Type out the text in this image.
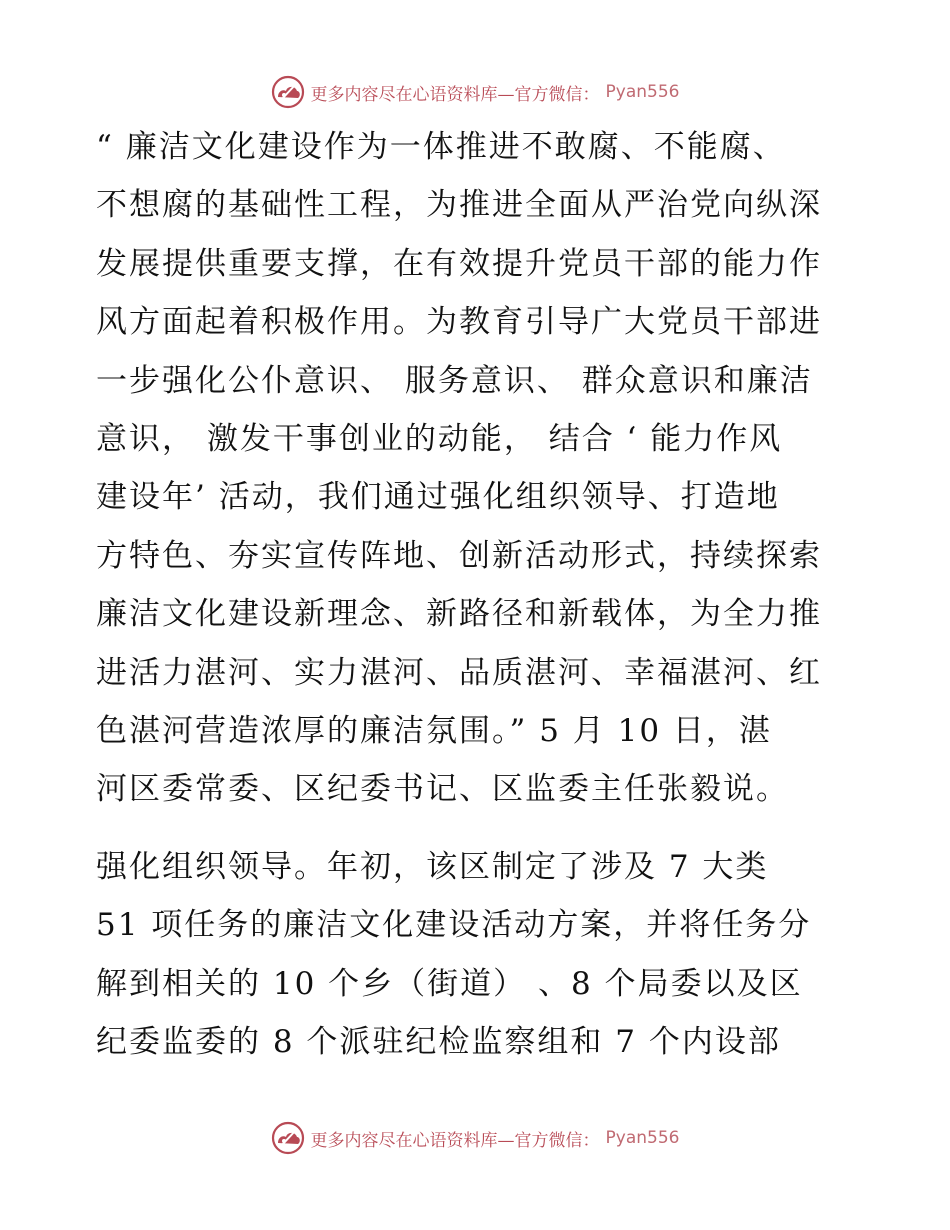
更多内容尽在心语资料库—官方微信： Pyan556
“ 廉洁文化建设作为一体推进不敢腐、不能腐、
不想腐的基础性工程，为推进全面从严治党向纵深
发展提供重要支撑，在有效提升党员干部的能力作
风方面起着积极作用。为教育引导广大党员干部进
一步强化公仆意识、 服务意识、 群众意识和廉洁
意识， 激发干事创业的动能， 结合 ‘ 能力作风
建设年’ 活动，我们通过强化组织领导、打造地
方特色、夯实宣传阵地、创新活动形式，持续探索
廉洁文化建设新理念、新路径和新载体，为全力推
进活力湛河、实力湛河、品质湛河、幸福湛河、红
色湛河营造浓厚的廉洁氛围。” 5 月 10 日，湛
河区委常委、区纪委书记、区监委主任张毅说。
强化组织领导。年初，该区制定了涉及 7 大类
51 项任务的廉洁文化建设活动方案，并将任务分
解到相关的 10 个乡（街道） 、8 个局委以及区
纪委监委的 8 个派驻纪检监察组和 7 个内设部
更多内容尽在心语资料库—官方微信： Pyan556
